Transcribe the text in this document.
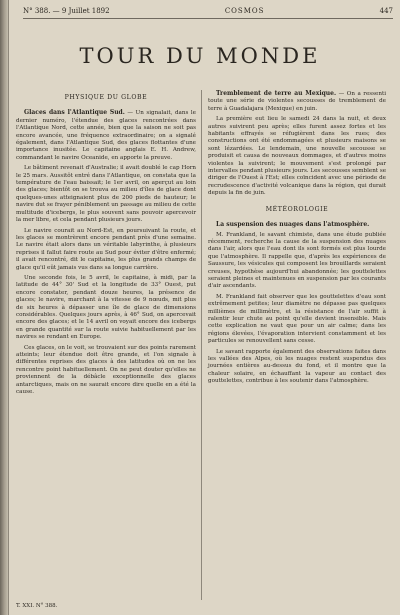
N° 388. — 9 Juillet 1892	COSMOS	447
TOUR DU MONDE
PHYSIQUE DU GLOBE

Glaces dans l'Atlantique Sud. — Un signalait, dans le dernier numéro, l'étendue des glaces rencontrées dans l'Atlantique Nord, cette année, bien que la saison ne soit pas encore avancée, une fréquence extraordinaire; on a signalé également, dans l'Atlantique Sud, des glaces flottantes d'une importance inusitée. Le capitaine anglais E. H. Andrew, commandant le navire Oceanide, en apporte la preuve.

Le bâtiment revenait d'Australie; il avait doublé le cap Horn le 25 mars. Aussitôt entré dans l'Atlantique, on constata que la température de l'eau baissait; le 1er avril, on aperçut au loin des glaces; bientôt on se trouva au milieu d'îles de glace dont quelques-unes atteignaient plus de 200 pieds de hauteur; le navire dut se frayer péniblement un passage au milieu de cette multitude d'icebergs, le plus souvent sans pouvoir apercevoir la mer libre, et cela pendant plusieurs jours.

Le navire courait au Nord-Est, en poursuivant la route, et les glaces se montrèrent encore pendant près d'une semaine. Le navire était alors dans un véritable labyrinthe, à plusieurs reprises il fallut faire route au Sud pour éviter d'être enfermé; il avait rencontré, dit le capitaine, les plus grands champs de glace qu'il eût jamais vus dans sa longue carrière.

Une seconde fois, le 5 avril, le capitaine, à midi, par la latitude de 44° 30' Sud et la longitude de 33° Ouest, put encore constater, pendant douze heures, la présence de glaces; le navire, marchant à la vitesse de 9 nœuds, mit plus de six heures à dépasser une île de glace de dimensions considérables. Quelques jours après, à 46° Sud, on apercevait encore des glaces; et le 14 avril on voyait encore des icebergs en grande quantité sur la route suivie habituellement par les navires se rendant en Europe.

Ces glaces, on le voit, se trouvaient sur des points rarement atteints; leur étendue doit être grande, et l'on signale à différentes reprises des glaces à des latitudes où on ne les rencontre point habituellement. On ne peut douter qu'elles ne proviennent de la débâcle exceptionnelle des glaces antarctiques, mais on ne saurait encore dire quelle en a été la cause.

Tremblement de terre au Mexique. — On a ressenti toute une série de violentes secousses de tremblement de terre à Guadalajara (Mexique) en juin.

La première eut lieu le samedi 24 dans la nuit, et deux autres suivirent peu après; elles furent assez fortes et les habitants effrayés se réfugièrent dans les rues; des constructions ont été endommagées et plusieurs maisons se sont lézardées. Le lendemain, une nouvelle secousse se produisit et causa de nouveaux dommages, et d'autres moins violentes la suivirent; le mouvement s'est prolongé par intervalles pendant plusieurs jours. Les secousses semblent se diriger de l'Ouest à l'Est; elles coïncident avec une période de recrudescence d'activité volcanique dans la région, qui durait depuis la fin de juin.

MÉTÉOROLOGIE
La suspension des nuages dans l'atmosphère.

M. Frankland, le savant chimiste, dans une étude publiée récemment, recherche la cause de la suspension des nuages dans l'air, alors que l'eau dont ils sont formés est plus lourde que l'atmosphère. Il rappelle que, d'après les expériences de Saussure, les vésicules qui composent les brouillards seraient creuses, hypothèse aujourd'hui abandonnée; les gouttelettes seraient pleines et maintenues en suspension par les courants d'air ascendants.

M. Frankland fait observer que les gouttelettes d'eau sont extrêmement petites; leur diamètre ne dépasse pas quelques millièmes de millimètre, et la résistance de l'air suffit à ralentir leur chute au point qu'elle devient insensible. Mais cette explication ne vaut que pour un air calme; dans les régions élevées, l'évaporation intervient constamment et les particules se renouvellent sans cesse.

Le savant rapporte également des observations faites dans les vallées des Alpes, où les nuages restent suspendus des journées entières au-dessus du fond, et il montre que la chaleur solaire, en échauffant la vapeur au contact des gouttelettes, contribue à les soutenir dans l'atmosphère.

T. XXI. N° 388.
